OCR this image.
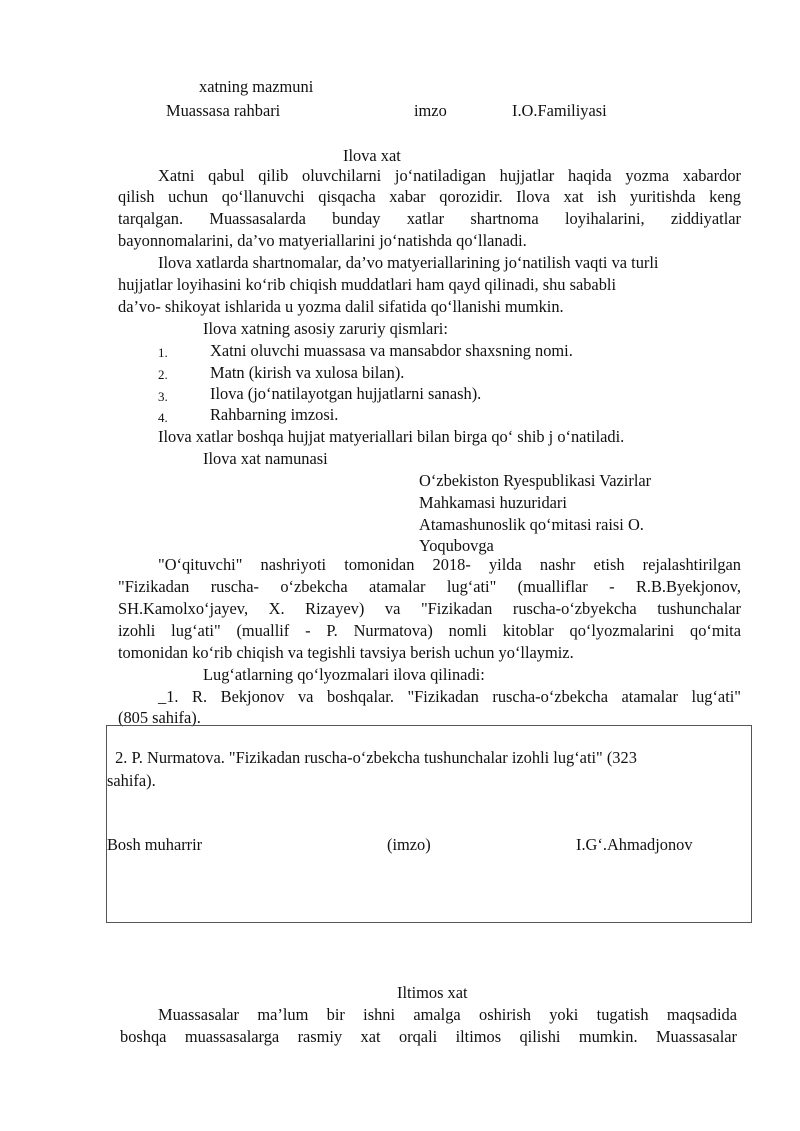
xatning mazmuni
Muassasa rahbari	imzo	I.O.Familiyasi
Ilova xat
Xatni qabul qilib oluvchilarni jo‘natiladigan hujjatlar haqida yozma xabardor
qilish uchun qo‘llanuvchi qisqacha xabar qorozidir. Ilova xat ish yuritishda keng
tarqalgan. Muassasalarda bunday xatlar shartnoma loyihalarini, ziddiyatlar
bayonnomalarini, da’vo matyeriallarini jo‘natishda qo‘llanadi.
Ilova xatlarda shartnomalar, da’vo matyeriallarining jo‘natilish vaqti va turli
hujjatlar loyihasini ko‘rib chiqish muddatlari ham qayd qilinadi, shu sababli
da’vo- shikoyat ishlarida u yozma dalil sifatida qo‘llanishi mumkin.
Ilova xatning asosiy zaruriy qismlari:
1.	Xatni oluvchi muassasa va mansabdor shaxsning nomi.
2.	Matn (kirish va xulosa bilan).
3.	Ilova (jo‘natilayotgan hujjatlarni sanash).
4.	Rahbarning imzosi.
Ilova xatlar boshqa hujjat matyeriallari bilan birga qo‘ shib j o‘natiladi.
Ilova xat namunasi
O‘zbekiston Ryespublikasi Vazirlar
Mahkamasi huzuridari
Atamashunoslik qo‘mitasi raisi O.
Yoqubovga
"O‘qituvchi" nashriyoti tomonidan 2018- yilda nashr etish rejalashtirilgan
"Fizikadan ruscha- o‘zbekcha atamalar lug‘ati" (mualliflar - R.B.Byekjonov,
SH.Kamolxo‘jayev, X. Rizayev) va "Fizikadan ruscha-o‘zbyekcha tushunchalar
izohli lug‘ati" (muallif - P. Nurmatova) nomli kitoblar qo‘lyozmalarini qo‘mita
tomonidan ko‘rib chiqish va tegishli tavsiya berish uchun yo‘llaymiz.
Lug‘atlarning qo‘lyozmalari ilova qilinadi:
_1. R. Bekjonov va boshqalar. "Fizikadan ruscha-o‘zbekcha atamalar lug‘ati"
(805 sahifa).
2. P. Nurmatova. "Fizikadan ruscha-o‘zbekcha tushunchalar izohli lug‘ati" (323
sahifa).
Bosh muharrir	(imzo)	I.G‘.Ahmadjonov
Iltimos xat
Muassasalar ma’lum bir ishni amalga oshirish yoki tugatish maqsadida
boshqa muassasalarga rasmiy xat orqali iltimos qilishi mumkin. Muassasalar
